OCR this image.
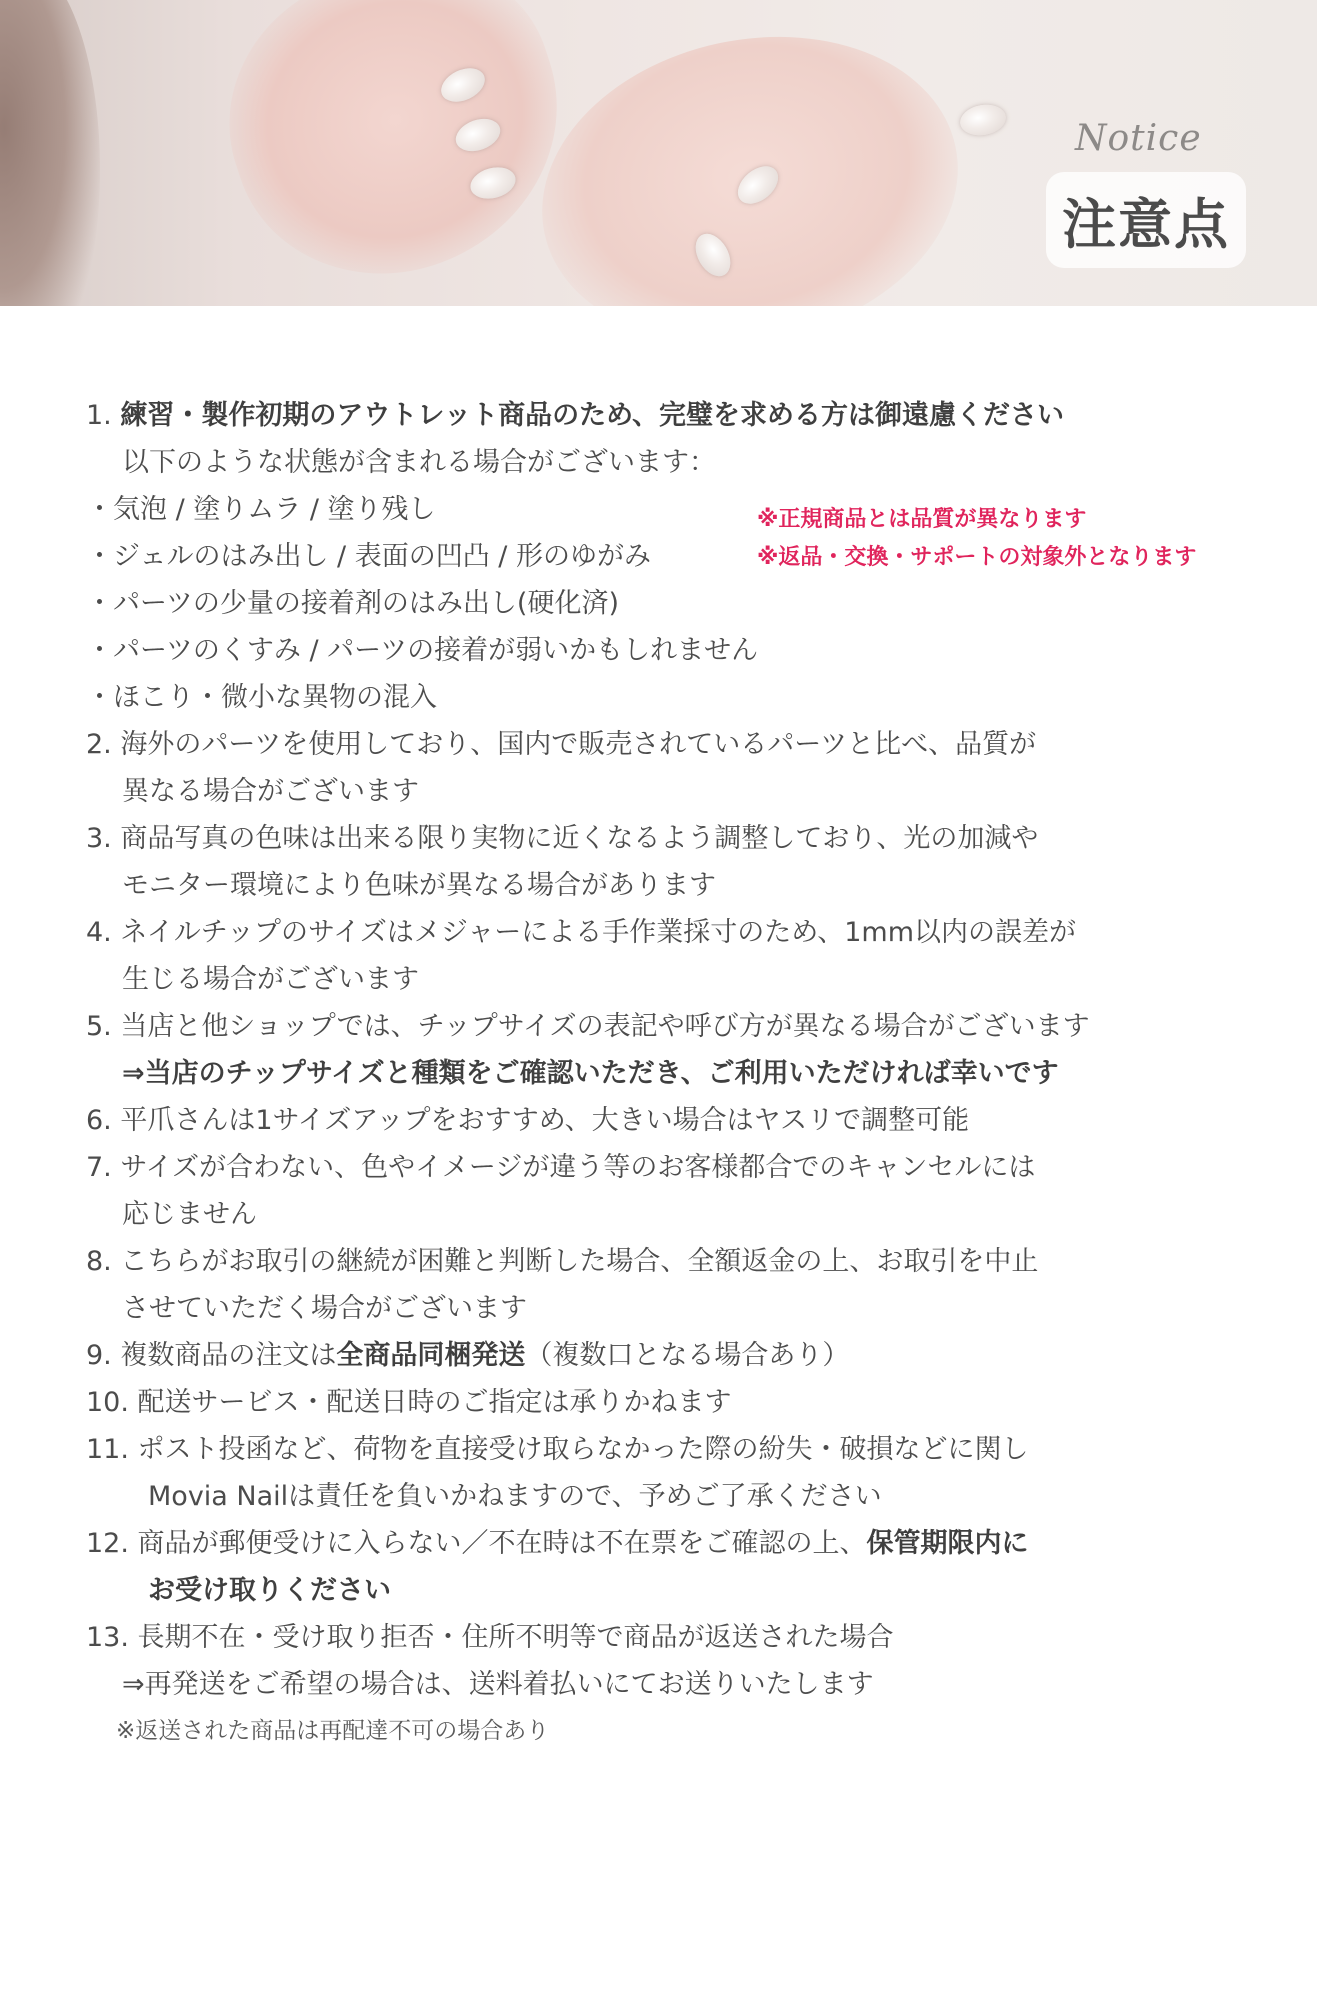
Notice
注意点
1. 練習・製作初期のアウトレット商品のため、完璧を求める方は御遠慮ください
以下のような状態が含まれる場合がございます：
・気泡 / 塗りムラ / 塗り残し
・ジェルのはみ出し / 表面の凹凸 / 形のゆがみ
・パーツの少量の接着剤のはみ出し(硬化済)
・パーツのくすみ / パーツの接着が弱いかもしれません
・ほこり・微小な異物の混入
2. 海外のパーツを使用しており、国内で販売されているパーツと比べ、品質が
異なる場合がございます
3. 商品写真の色味は出来る限り実物に近くなるよう調整しており、光の加減や
モニター環境により色味が異なる場合があります
4. ネイルチップのサイズはメジャーによる手作業採寸のため、1mm以内の誤差が
生じる場合がございます
5. 当店と他ショップでは、チップサイズの表記や呼び方が異なる場合がございます
⇒当店のチップサイズと種類をご確認いただき、ご利用いただければ幸いです
6. 平爪さんは1サイズアップをおすすめ、大きい場合はヤスリで調整可能
7. サイズが合わない、色やイメージが違う等のお客様都合でのキャンセルには
応じません
8. こちらがお取引の継続が困難と判断した場合、全額返金の上、お取引を中止
させていただく場合がございます
9. 複数商品の注文は全商品同梱発送（複数口となる場合あり）
10. 配送サービス・配送日時のご指定は承りかねます
11. ポスト投函など、荷物を直接受け取らなかった際の紛失・破損などに関し
Movia Nailは責任を負いかねますので、予めご了承ください
12. 商品が郵便受けに入らない／不在時は不在票をご確認の上、保管期限内に
お受け取りください
13. 長期不在・受け取り拒否・住所不明等で商品が返送された場合
⇒再発送をご希望の場合は、送料着払いにてお送りいたします
※返送された商品は再配達不可の場合あり
※正規商品とは品質が異なります
※返品・交換・サポートの対象外となります
